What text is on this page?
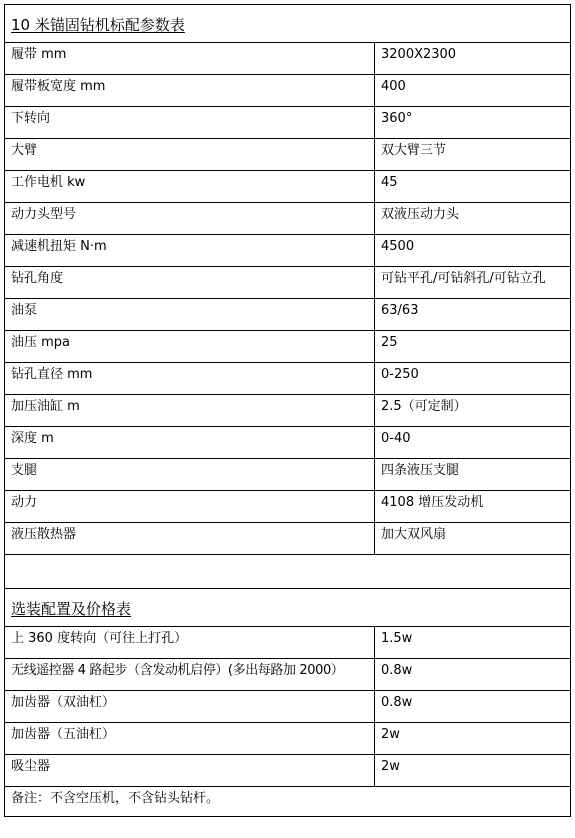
10 米锚固钻机标配参数表	
履带 mm	3200X2300
履带板宽度 mm	400
下转向	360°
大臂	双大臂三节
工作电机 kw	45
动力头型号	双液压动力头
减速机扭矩 N·m	4500
钻孔角度	可钻平孔/可钻斜孔/可钻立孔
油泵	63/63
油压 mpa	25
钻孔直径 mm	0-250
加压油缸 m	2.5（可定制）
深度 m	0-40
支腿	四条液压支腿
动力	4108 增压发动机
液压散热器	加大双风扇

选装配置及价格表	
上 360 度转向（可往上打孔）	1.5w
无线遥控器 4 路起步（含发动机启停）(多出每路加 2000）	0.8w
加齿器（双油杠）	0.8w
加齿器（五油杠）	2w
吸尘器	2w
备注：不含空压机，不含钻头钻杆。	
